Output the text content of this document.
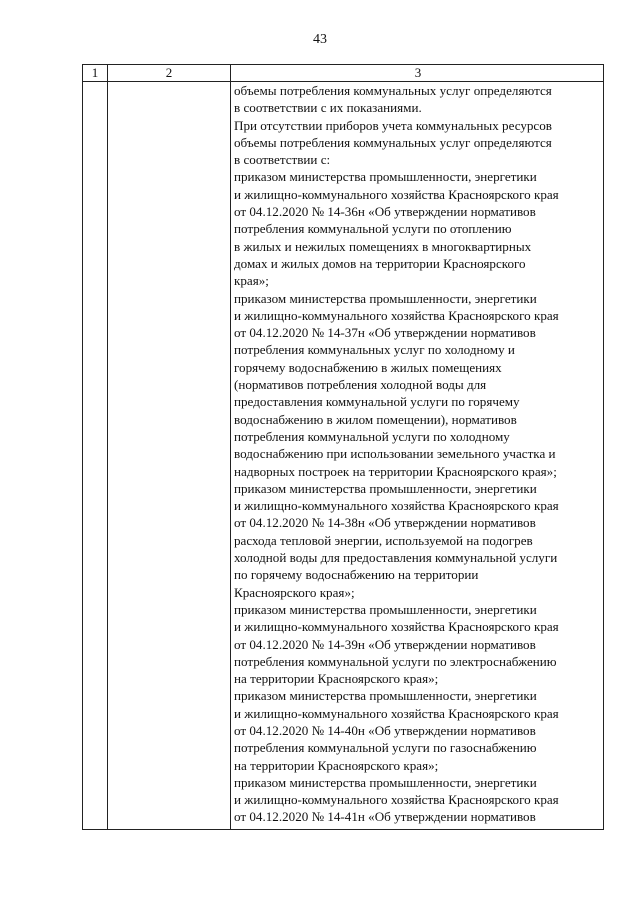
43
1	2	3
объемы потребления коммунальных услуг определяются
в соответствии с их показаниями.
При отсутствии приборов учета коммунальных ресурсов
объемы потребления коммунальных услуг определяются
в соответствии с:
приказом министерства промышленности, энергетики
и жилищно-коммунального хозяйства Красноярского края
от 04.12.2020 № 14-36н «Об утверждении нормативов
потребления коммунальной услуги по отоплению
в жилых и нежилых помещениях в многоквартирных
домах и жилых домов на территории Красноярского
края»;
приказом министерства промышленности, энергетики
и жилищно-коммунального хозяйства Красноярского края
от 04.12.2020 № 14-37н «Об утверждении нормативов
потребления коммунальных услуг по холодному и
горячему водоснабжению в жилых помещениях
(нормативов потребления холодной воды для
предоставления коммунальной услуги по горячему
водоснабжению в жилом помещении), нормативов
потребления коммунальной услуги по холодному
водоснабжению при использовании земельного участка и
надворных построек на территории Красноярского края»;
приказом министерства промышленности, энергетики
и жилищно-коммунального хозяйства Красноярского края
от 04.12.2020 № 14-38н «Об утверждении нормативов
расхода тепловой энергии, используемой на подогрев
холодной воды для предоставления коммунальной услуги
по горячему водоснабжению на территории
Красноярского края»;
приказом министерства промышленности, энергетики
и жилищно-коммунального хозяйства Красноярского края
от 04.12.2020 № 14-39н «Об утверждении нормативов
потребления коммунальной услуги по электроснабжению
на территории Красноярского края»;
приказом министерства промышленности, энергетики
и жилищно-коммунального хозяйства Красноярского края
от 04.12.2020 № 14-40н «Об утверждении нормативов
потребления коммунальной услуги по газоснабжению
на территории Красноярского края»;
приказом министерства промышленности, энергетики
и жилищно-коммунального хозяйства Красноярского края
от 04.12.2020 № 14-41н «Об утверждении нормативов
